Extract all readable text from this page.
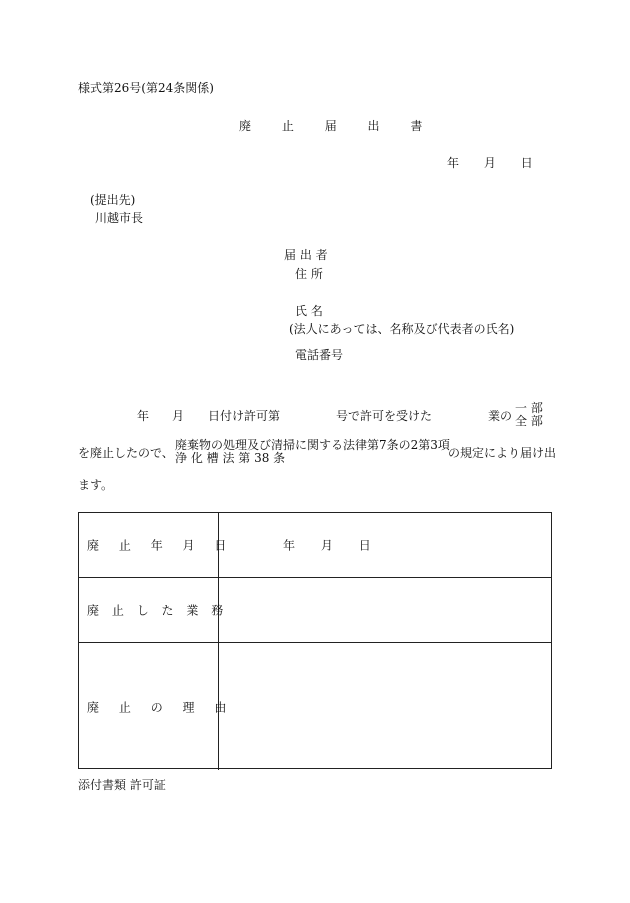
様式第26号(第24条関係)
廃	止	届	出	書
年 月 日
(提出先)
川越市長
届 出 者
住 所
氏 名
(法人にあっては、名称及び代表者の氏名)
電話番号
年 月 日付け許可第	号で許可を受けた	業の
一 部
全 部
を廃止したので、
廃棄物の処理及び清掃に関する法律第7条の2第3項
浄 化 槽 法 第 38 条	の規定により届け出
ます。
廃 止 年 月 日	年 月 日
廃 止 し た 業 務
廃 止 の 理 由
添付書類 許可証
